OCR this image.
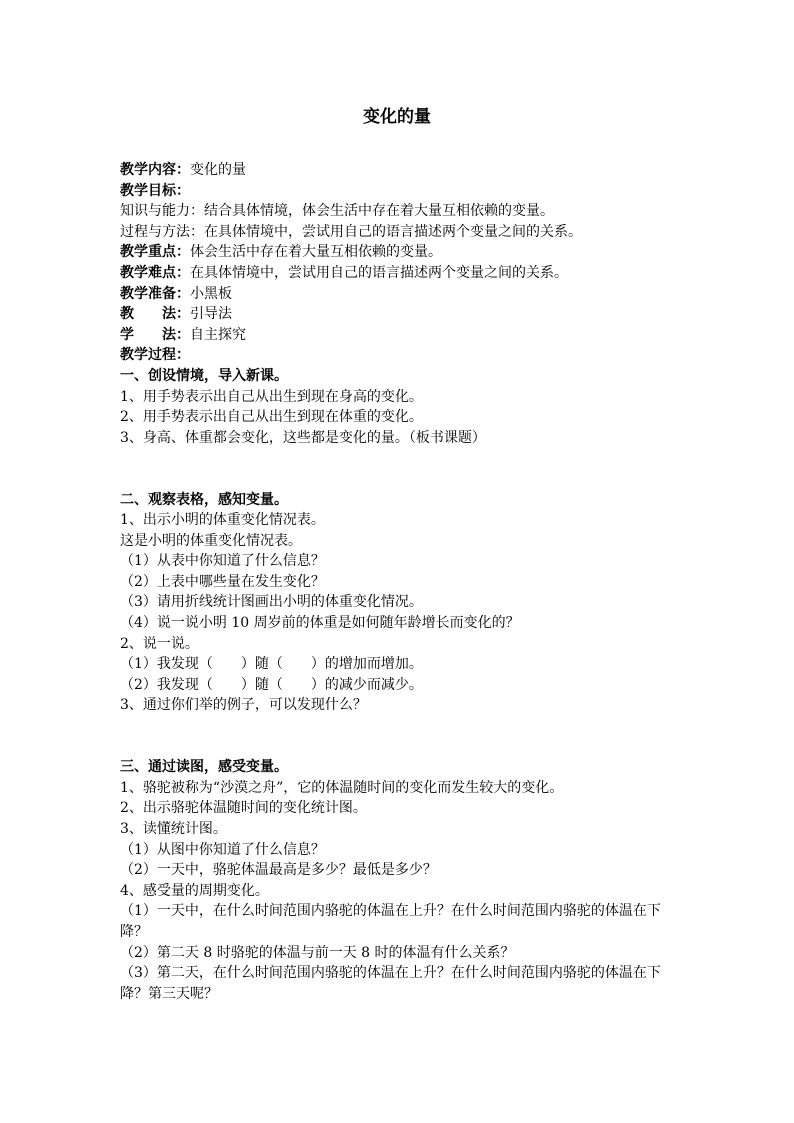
变化的量
教学内容：变化的量
教学目标：
知识与能力：结合具体情境，体会生活中存在着大量互相依赖的变量。
过程与方法：在具体情境中，尝试用自己的语言描述两个变量之间的关系。
教学重点：体会生活中存在着大量互相依赖的变量。
教学难点：在具体情境中，尝试用自己的语言描述两个变量之间的关系。
教学准备：小黑板
教　　法：引导法
学　　法：自主探究
教学过程：
一、创设情境，导入新课。
1、用手势表示出自己从出生到现在身高的变化。
2、用手势表示出自己从出生到现在体重的变化。
3、身高、体重都会变化，这些都是变化的量。（板书课题）
二、观察表格，感知变量。
1、出示小明的体重变化情况表。
这是小明的体重变化情况表。
（1）从表中你知道了什么信息？
（2）上表中哪些量在发生变化？
（3）请用折线统计图画出小明的体重变化情况。
（4）说一说小明 10 周岁前的体重是如何随年龄增长而变化的？
2、说一说。
（1）我发现（　　）随（　　）的增加而增加。
（2）我发现（　　）随（　　）的减少而减少。
3、通过你们举的例子，可以发现什么？
三、通过读图，感受变量。
1、骆驼被称为“沙漠之舟”，它的体温随时间的变化而发生较大的变化。
2、出示骆驼体温随时间的变化统计图。
3、读懂统计图。
（1）从图中你知道了什么信息？
（2）一天中，骆驼体温最高是多少？最低是多少？
4、感受量的周期变化。
（1）一天中，在什么时间范围内骆驼的体温在上升？在什么时间范围内骆驼的体温在下降？
（2）第二天 8 时骆驼的体温与前一天 8 时的体温有什么关系？
（3）第二天，在什么时间范围内骆驼的体温在上升？在什么时间范围内骆驼的体温在下降？第三天呢？
